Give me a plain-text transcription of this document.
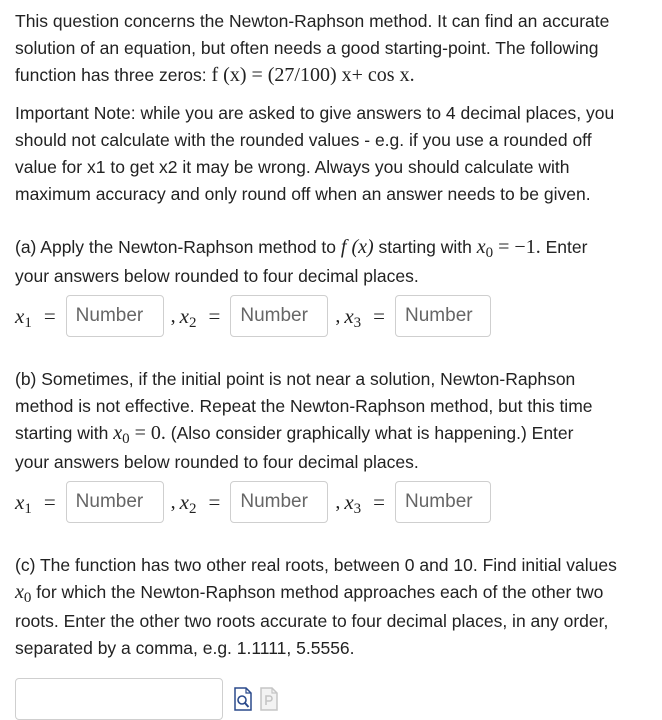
This question concerns the Newton-Raphson method. It can find an accurate

solution of an equation, but often needs a good starting-point. The following

function has three zeros: f (x) = (27/100) x+ cos x.

Important Note: while you are asked to give answers to 4 decimal places, you

should not calculate with the rounded values - e.g. if you use a rounded off

value for x1 to get x2 it may be wrong. Always you should calculate with

maximum accuracy and only round off when an answer needs to be given.

(a) Apply the Newton-Raphson method to f (x) starting with x0 = −1. Enter

your answers below rounded to four decimal places.

x1 =	Number	, x2 =	Number	, x3 =	Number

(b) Sometimes, if the initial point is not near a solution, Newton-Raphson

method is not effective. Repeat the Newton-Raphson method, but this time

starting with x0 = 0. (Also consider graphically what is happening.) Enter

your answers below rounded to four decimal places.

x1 =	Number	, x2 =	Number	, x3 =	Number

(c) The function has two other real roots, between 0 and 10. Find initial values

x0 for which the Newton-Raphson method approaches each of the other two

roots. Enter the other two roots accurate to four decimal places, in any order,

separated by a comma, e.g. 1.1111, 5.5556.
